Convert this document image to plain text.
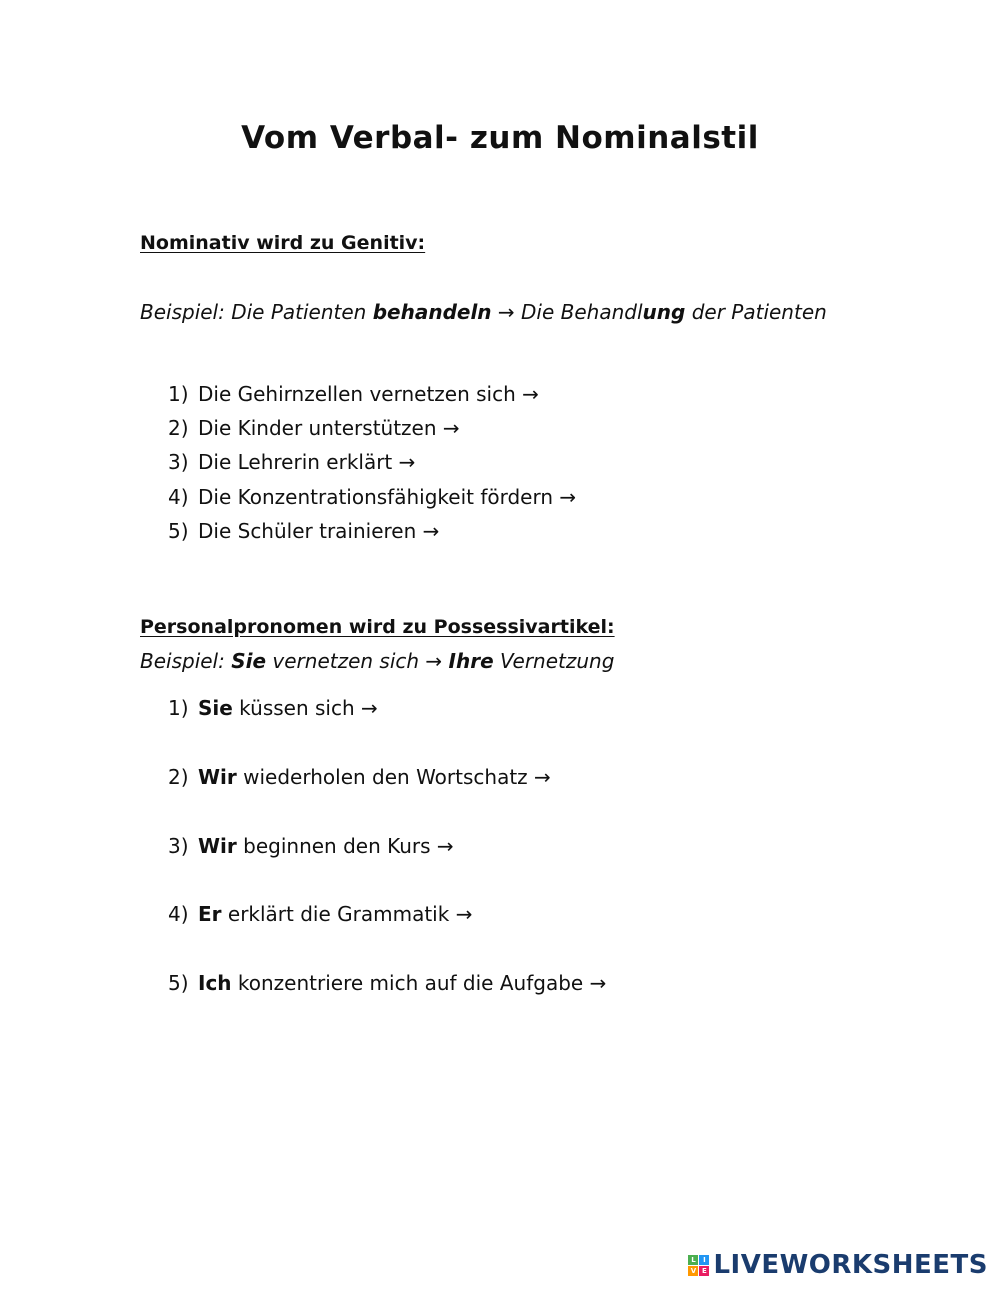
Vom Verbal- zum Nominalstil
Nominativ wird zu Genitiv:
Beispiel: Die Patienten behandeln → Die Behandlung der Patienten
1) Die Gehirnzellen vernetzen sich →
2) Die Kinder unterstützen →
3) Die Lehrerin erklärt →
4) Die Konzentrationsfähigkeit fördern →
5) Die Schüler trainieren →
Personalpronomen wird zu Possessivartikel:
Beispiel: Sie vernetzen sich → Ihre Vernetzung
1) Sie küssen sich →
2) Wir wiederholen den Wortschatz →
3) Wir beginnen den Kurs →
4) Er erklärt die Grammatik →
5) Ich konzentriere mich auf die Aufgabe →
L	I
V E LIVEWORKSHEETS
